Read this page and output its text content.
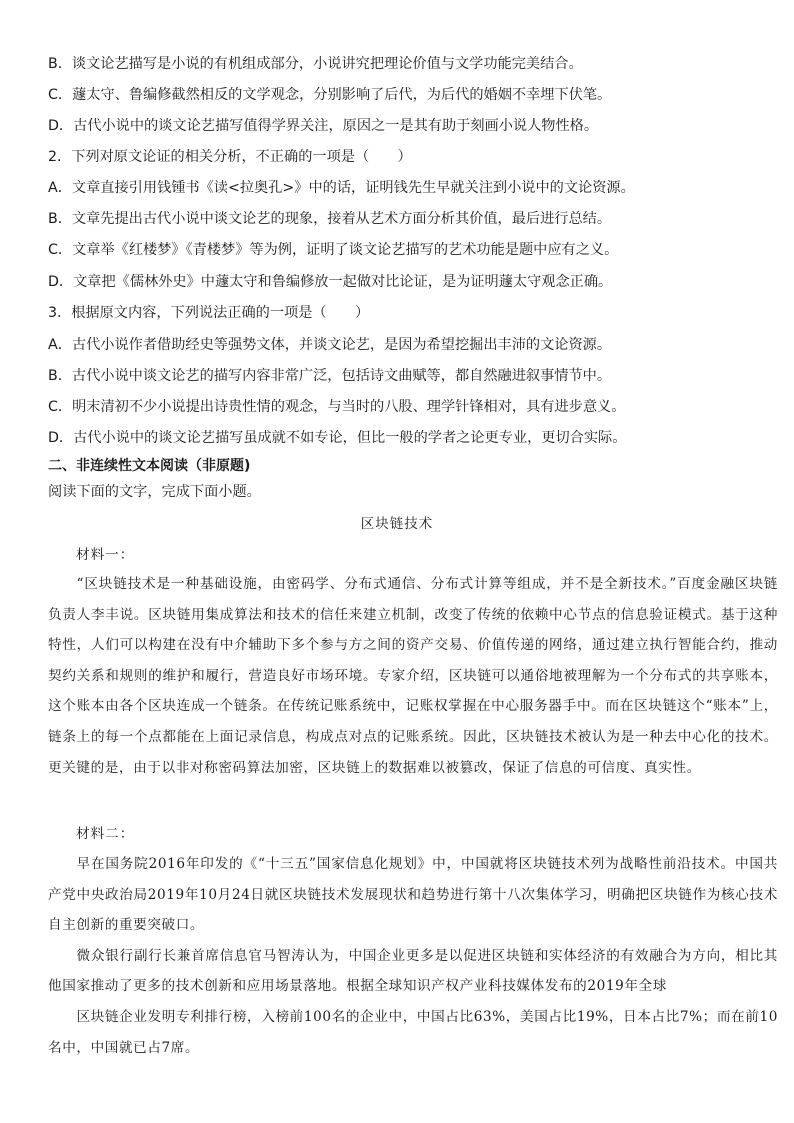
B．谈文论艺描写是小说的有机组成部分，小说讲究把理论价值与文学功能完美结合。
C．蘧太守、鲁编修截然相反的文学观念，分别影响了后代，为后代的婚姻不幸埋下伏笔。
D．古代小说中的谈文论艺描写值得学界关注，原因之一是其有助于刻画小说人物性格。
2．下列对原文论证的相关分析，不正确的一项是（　　）
A．文章直接引用钱锺书《读<拉奥孔>》中的话，证明钱先生早就关注到小说中的文论资源。
B．文章先提出古代小说中谈文论艺的现象，接着从艺术方面分析其价值，最后进行总结。
C．文章举《红楼梦》《青楼梦》等为例，证明了谈文论艺描写的艺术功能是题中应有之义。
D．文章把《儒林外史》中蘧太守和鲁编修放一起做对比论证，是为证明蘧太守观念正确。
3．根据原文内容，下列说法正确的一项是（　　）
A．古代小说作者借助经史等强势文体，并谈文论艺，是因为希望挖掘出丰沛的文论资源。
B．古代小说中谈文论艺的描写内容非常广泛，包括诗文曲赋等，都自然融进叙事情节中。
C．明末清初不少小说提出诗贵性情的观念，与当时的八股、理学针锋相对，具有进步意义。
D．古代小说中的谈文论艺描写虽成就不如专论，但比一般的学者之论更专业，更切合实际。
二、非连续性文本阅读（非原题)
阅读下面的文字，完成下面小题。
区块链技术
材料一：

“区块链技术是一种基础设施，由密码学、分布式通信、分布式计算等组成，并不是全新技术。”百度金融区块链负责人李丰说。区块链用集成算法和技术的信任来建立机制，改变了传统的依赖中心节点的信息验证模式。基于这种特性，人们可以构建在没有中介辅助下多个参与方之间的资产交易、价值传递的网络，通过建立执行智能合约，推动契约关系和规则的维护和履行，营造良好市场环境。专家介绍，区块链可以通俗地被理解为一个分布式的共享账本，这个账本由各个区块连成一个链条。在传统记账系统中，记账权掌握在中心服务器手中。而在区块链这个“账本”上，链条上的每一个点都能在上面记录信息，构成点对点的记账系统。因此，区块链技术被认为是一种去中心化的技术。更关键的是，由于以非对称密码算法加密，区块链上的数据难以被篡改，保证了信息的可信度、真实性。

材料二：

早在国务院2016年印发的《“十三五”国家信息化规划》中，中国就将区块链技术列为战略性前沿技术。中国共产党中央政治局2019年10月24日就区块链技术发展现状和趋势进行第十八次集体学习，明确把区块链作为核心技术自主创新的重要突破口。

微众银行副行长兼首席信息官马智涛认为，中国企业更多是以促进区块链和实体经济的有效融合为方向，相比其他国家推动了更多的技术创新和应用场景落地。根据全球知识产权产业科技媒体发布的2019年全球

区块链企业发明专利排行榜，入榜前100名的企业中，中国占比63%，美国占比19%，日本占比7%；而在前10名中，中国就已占7席。
